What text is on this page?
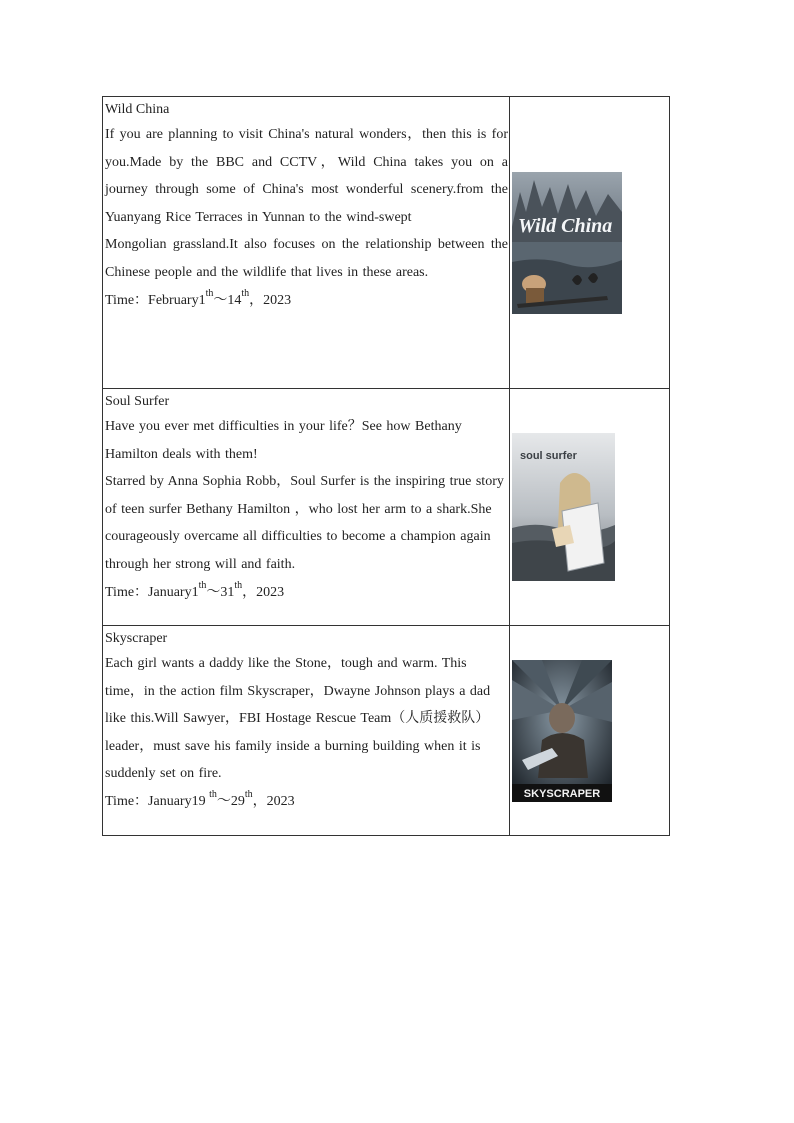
Wild China
If you are planning to visit China's natural wonders，then this is for you.Made by the BBC and CCTV，Wild China takes you on a journey through some of China's most wonderful scenery.from the Yuanyang Rice Terraces in Yunnan to the wind-swept
Mongolian grassland.It also focuses on the relationship between the Chinese people and the wildlife that lives in these areas.
Time：February1th～14th，2023	Wild China

Soul Surfer
Have you ever met difficulties in your life？See how Bethany Hamilton deals with them!
Starred by Anna Sophia Robb，Soul Surfer is the inspiring true story of teen surfer Bethany Hamilton ，who lost her arm to a shark.She courageously overcame all difficulties to become a champion again through her strong will and faith.
Time：January1th～31th，2023	soul surfer

Skyscraper
Each girl wants a daddy like the Stone，tough and warm. This time，in the action film Skyscraper，Dwayne Johnson plays a dad like this.Will Sawyer，FBI Hostage Rescue Team（人质援救队）leader，must save his family inside a burning building when it is suddenly set on fire.
Time：January19 $^{th}$～29th，2023	SKYSCRAPER
